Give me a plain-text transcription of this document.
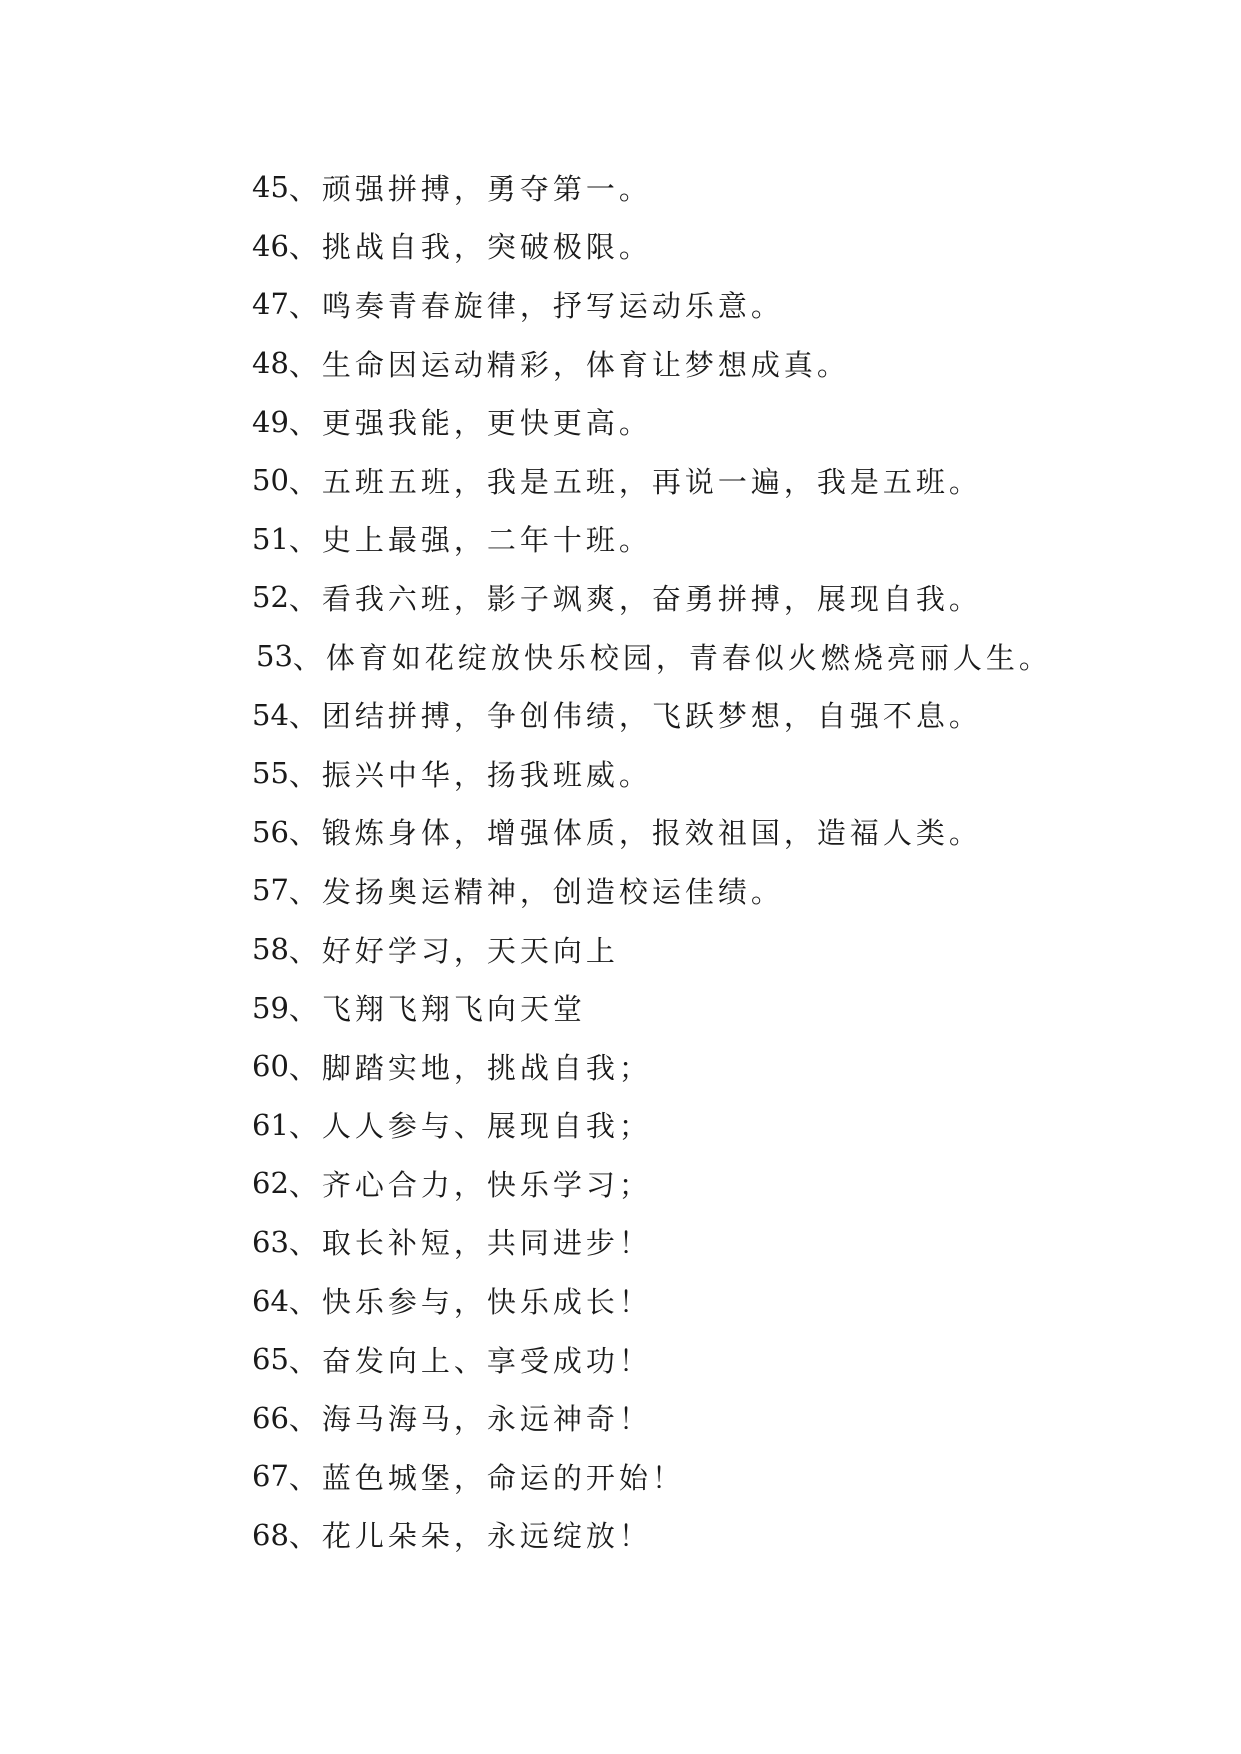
45 、顽强拼搏，勇夺第一。
46 、挑战自我，突破极限。
47 、鸣奏青春旋律，抒写运动乐意。
48 、生命因运动精彩，体育让梦想成真。
49 、更强我能，更快更高。
50 、五班五班，我是五班，再说一遍，我是五班。
51 、史上最强，二年十班。
52 、看我六班，影子飒爽，奋勇拼搏，展现自我。
53 、体育如花绽放快乐校园，青春似火燃烧亮丽人生。
54 、团结拼搏，争创伟绩，飞跃梦想，自强不息。
55 、振兴中华，扬我班威。
56 、锻炼身体，增强体质，报效祖国，造福人类。
57 、发扬奥运精神，创造校运佳绩。
58 、好好学习，天天向上
59 、飞翔飞翔飞向天堂
60 、脚踏实地，挑战自我；
61 、人人参与、展现自我；
62 、齐心合力，快乐学习；
63 、取长补短，共同进步！
64 、快乐参与，快乐成长！
65 、奋发向上、享受成功！
66 、海马海马，永远神奇！
67 、蓝色城堡，命运的开始！
68 、花儿朵朵，永远绽放！
